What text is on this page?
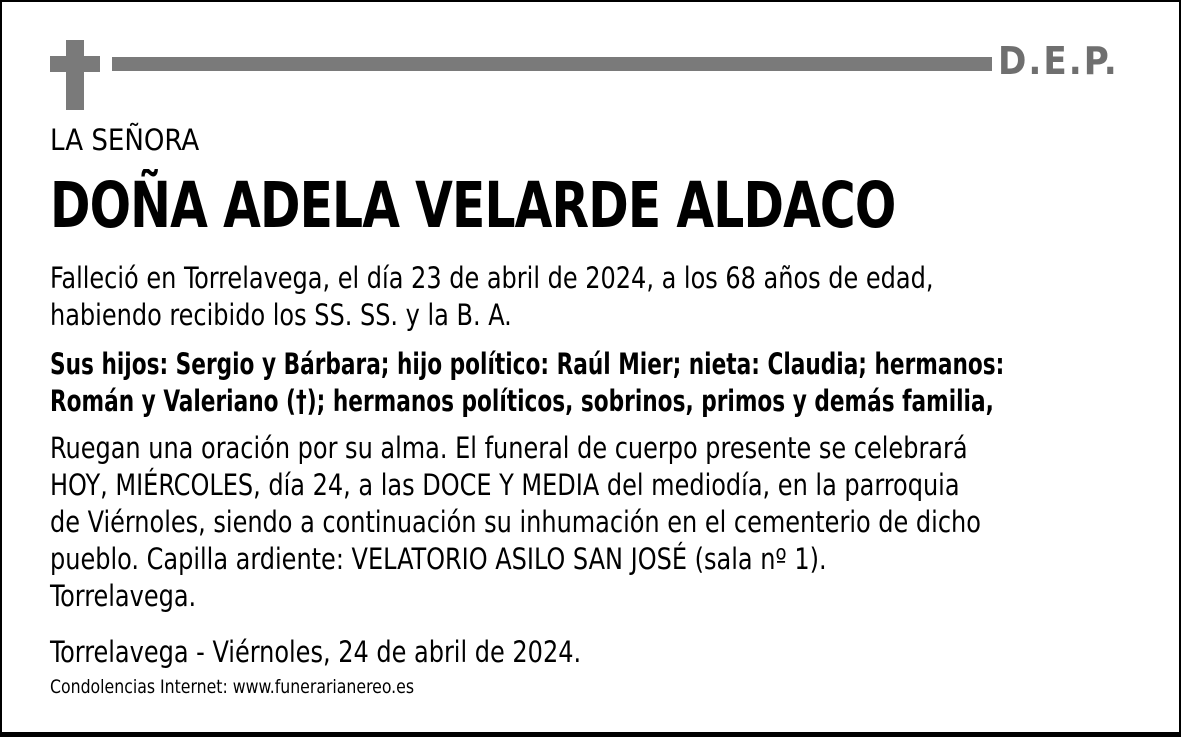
D.E.P.
LA SEÑORA
DOÑA ADELA VELARDE ALDACO
Falleció en Torrelavega, el día 23 de abril de 2024, a los 68 años de edad,
habiendo recibido los SS. SS. y la B. A.
Sus hijos: Sergio y Bárbara; hijo político: Raúl Mier; nieta: Claudia; hermanos:
Román y Valeriano (†); hermanos políticos, sobrinos, primos y demás familia,
Ruegan una oración por su alma. El funeral de cuerpo presente se celebrará
HOY, MIÉRCOLES, día 24, a las DOCE Y MEDIA del mediodía, en la parroquia
de Viérnoles, siendo a continuación su inhumación en el cementerio de dicho
pueblo. Capilla ardiente: VELATORIO ASILO SAN JOSÉ (sala nº 1).
Torrelavega.
Torrelavega - Viérnoles, 24 de abril de 2024.
Condolencias Internet: www.funerarianereo.es
